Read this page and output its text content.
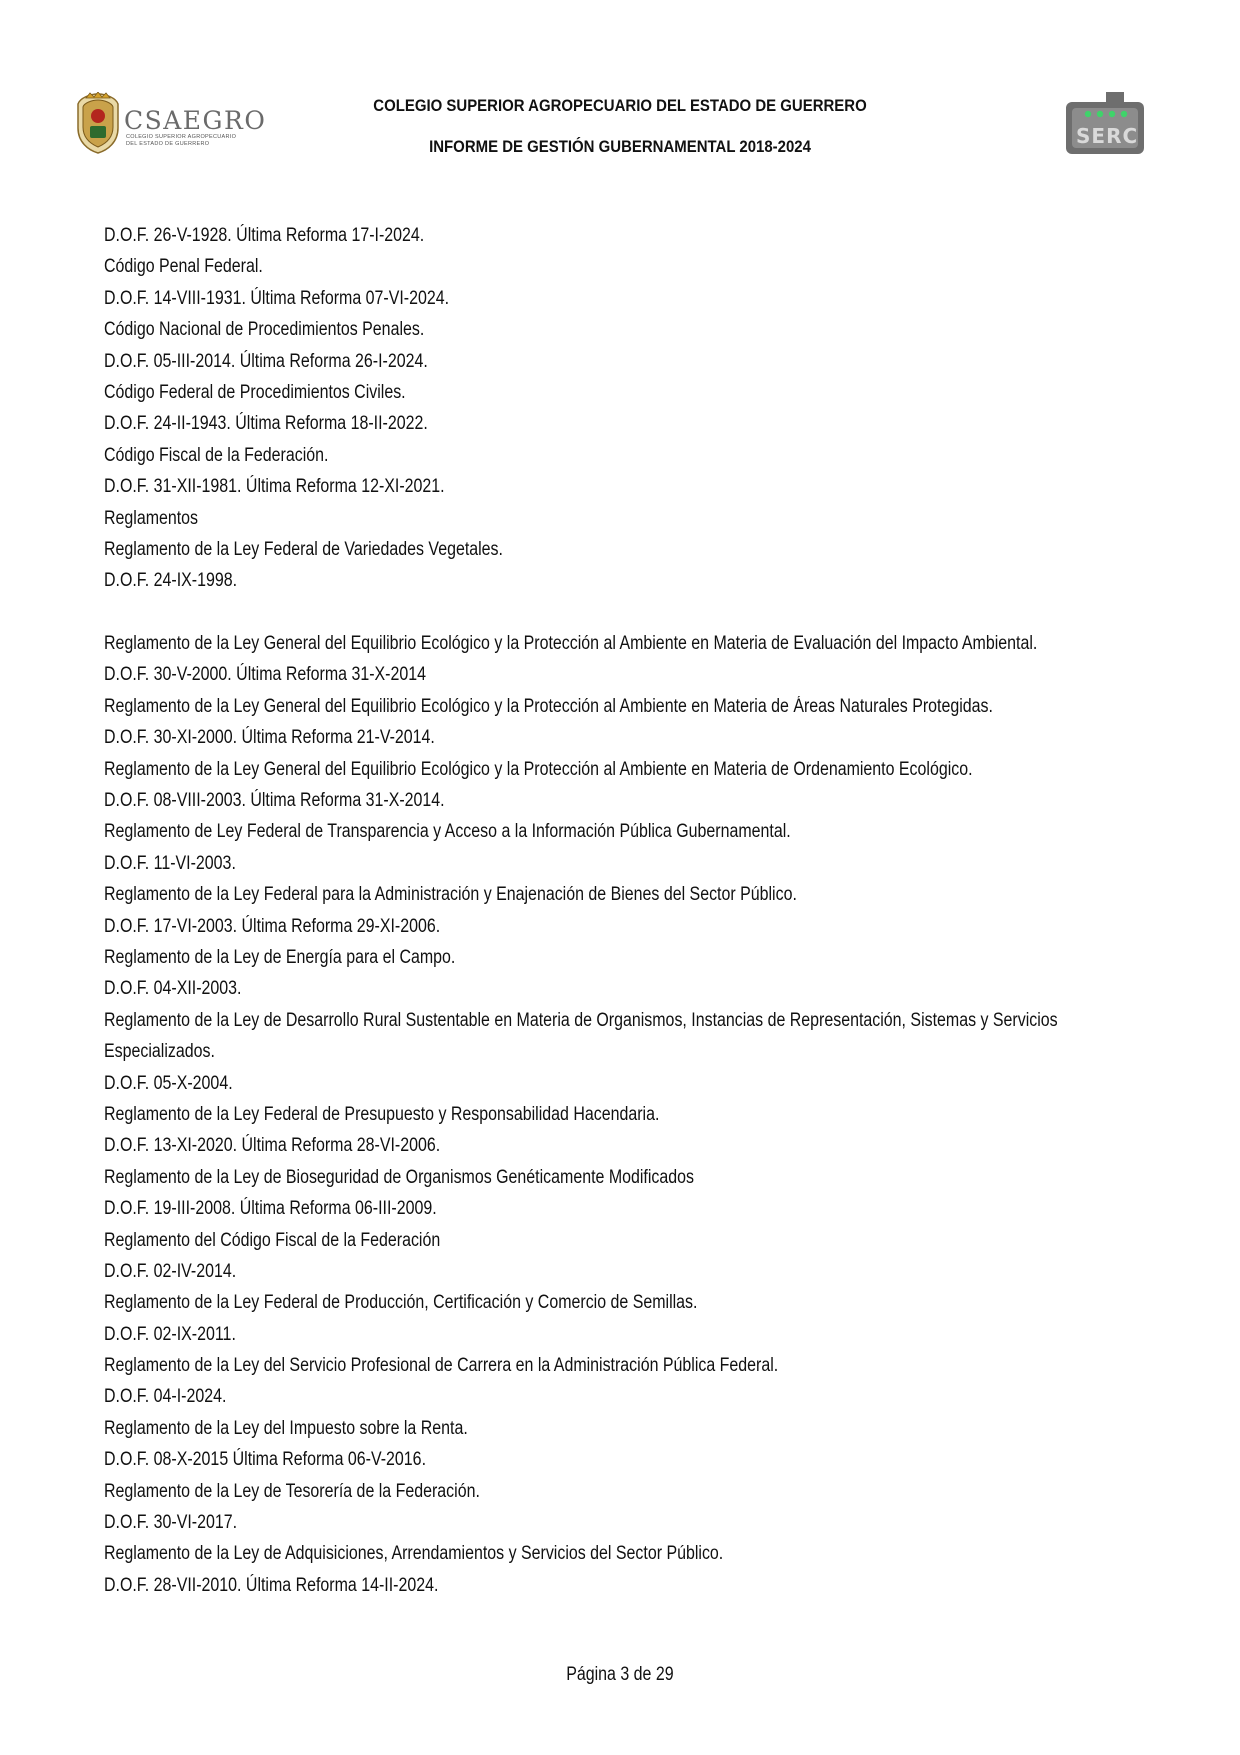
CSAEGRO
COLEGIO SUPERIOR AGROPECUARIO
DEL ESTADO DE GUERRERO
COLEGIO SUPERIOR AGROPECUARIO DEL ESTADO DE GUERRERO
INFORME DE GESTIÓN GUBERNAMENTAL 2018-2024	SERC
D.O.F. 26-V-1928. Última Reforma 17-I-2024.
Código Penal Federal.
D.O.F. 14-VIII-1931. Última Reforma 07-VI-2024.
Código Nacional de Procedimientos Penales.
D.O.F. 05-III-2014. Última Reforma 26-I-2024.
Código Federal de Procedimientos Civiles.
D.O.F. 24-II-1943. Última Reforma 18-II-2022.
Código Fiscal de la Federación.
D.O.F. 31-XII-1981. Última Reforma 12-XI-2021.
Reglamentos
Reglamento de la Ley Federal de Variedades Vegetales.
D.O.F. 24-IX-1998.
Reglamento de la Ley General del Equilibrio Ecológico y la Protección al Ambiente en Materia de Evaluación del Impacto Ambiental.
D.O.F. 30-V-2000. Última Reforma 31-X-2014
Reglamento de la Ley General del Equilibrio Ecológico y la Protección al Ambiente en Materia de Áreas Naturales Protegidas.
D.O.F. 30-XI-2000. Última Reforma 21-V-2014.
Reglamento de la Ley General del Equilibrio Ecológico y la Protección al Ambiente en Materia de Ordenamiento Ecológico.
D.O.F. 08-VIII-2003. Última Reforma 31-X-2014.
Reglamento de Ley Federal de Transparencia y Acceso a la Información Pública Gubernamental.
D.O.F. 11-VI-2003.
Reglamento de la Ley Federal para la Administración y Enajenación de Bienes del Sector Público.
D.O.F. 17-VI-2003. Última Reforma 29-XI-2006.
Reglamento de la Ley de Energía para el Campo.
D.O.F. 04-XII-2003.
Reglamento de la Ley de Desarrollo Rural Sustentable en Materia de Organismos, Instancias de Representación, Sistemas y Servicios
Especializados.
D.O.F. 05-X-2004.
Reglamento de la Ley Federal de Presupuesto y Responsabilidad Hacendaria.
D.O.F. 13-XI-2020. Última Reforma 28-VI-2006.
Reglamento de la Ley de Bioseguridad de Organismos Genéticamente Modificados
D.O.F. 19-III-2008. Última Reforma 06-III-2009.
Reglamento del Código Fiscal de la Federación
D.O.F. 02-IV-2014.
Reglamento de la Ley Federal de Producción, Certificación y Comercio de Semillas.
D.O.F. 02-IX-2011.
Reglamento de la Ley del Servicio Profesional de Carrera en la Administración Pública Federal.
D.O.F. 04-I-2024.
Reglamento de la Ley del Impuesto sobre la Renta.
D.O.F. 08-X-2015 Última Reforma 06-V-2016.
Reglamento de la Ley de Tesorería de la Federación.
D.O.F. 30-VI-2017.
Reglamento de la Ley de Adquisiciones, Arrendamientos y Servicios del Sector Público.
D.O.F. 28-VII-2010. Última Reforma 14-II-2024.
Página 3 de 29
